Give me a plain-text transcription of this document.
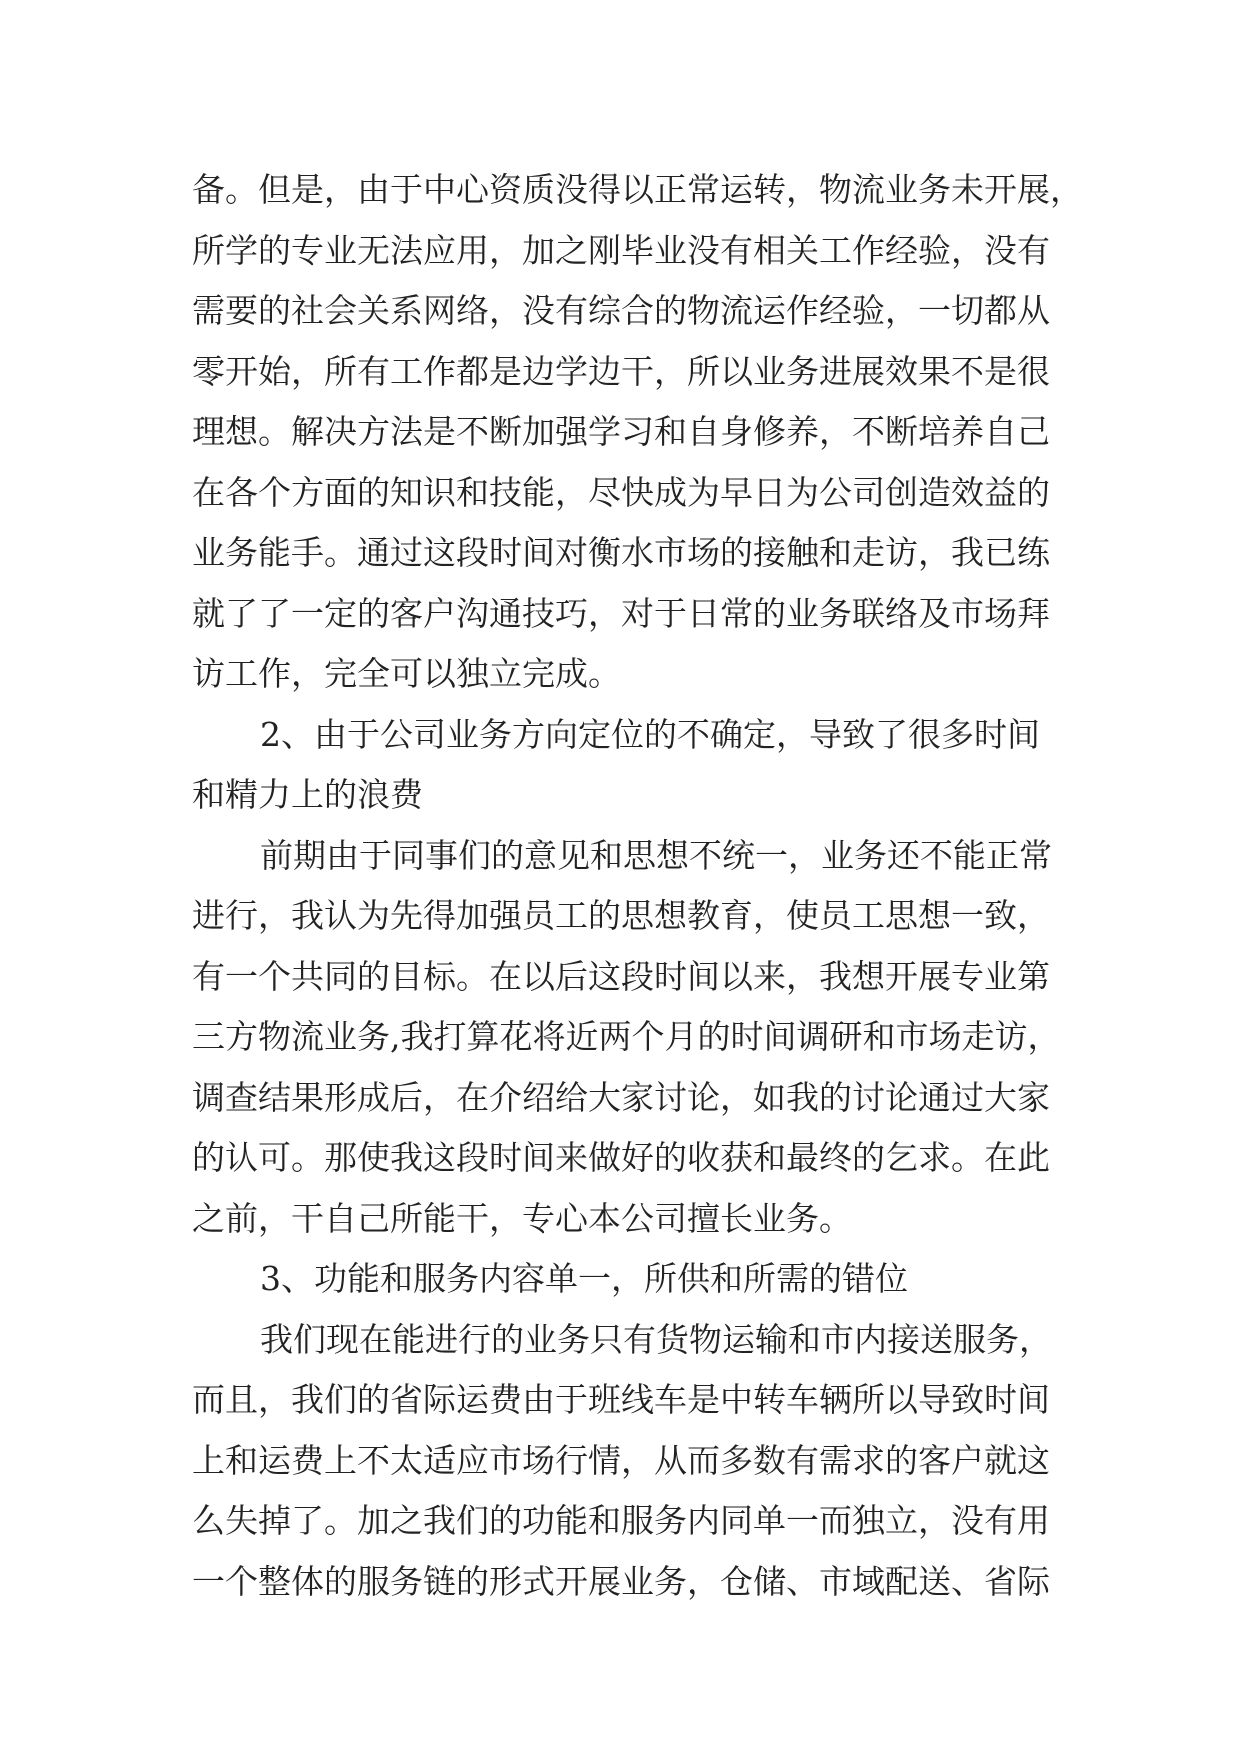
备。但是，由于中心资质没得以正常运转，物流业务未开展，
所学的专业无法应用，加之刚毕业没有相关工作经验，没有
需要的社会关系网络，没有综合的物流运作经验，一切都从
零开始，所有工作都是边学边干，所以业务进展效果不是很
理想。解决方法是不断加强学习和自身修养，不断培养自己
在各个方面的知识和技能，尽快成为早日为公司创造效益的
业务能手。通过这段时间对衡水市场的接触和走访，我已练
就了了一定的客户沟通技巧，对于日常的业务联络及市场拜
访工作，完全可以独立完成。
2、由于公司业务方向定位的不确定，导致了很多时间
和精力上的浪费
前期由于同事们的意见和思想不统一，业务还不能正常
进行，我认为先得加强员工的思想教育，使员工思想一致，
有一个共同的目标。在以后这段时间以来，我想开展专业第
三方物流业务,我打算花将近两个月的时间调研和市场走访，
调查结果形成后，在介绍给大家讨论，如我的讨论通过大家
的认可。那使我这段时间来做好的收获和最终的乞求。在此
之前，干自己所能干，专心本公司擅长业务。
3、功能和服务内容单一，所供和所需的错位
我们现在能进行的业务只有货物运输和市内接送服务，
而且，我们的省际运费由于班线车是中转车辆所以导致时间
上和运费上不太适应市场行情，从而多数有需求的客户就这
么失掉了。加之我们的功能和服务内同单一而独立，没有用
一个整体的服务链的形式开展业务，仓储、市域配送、省际
